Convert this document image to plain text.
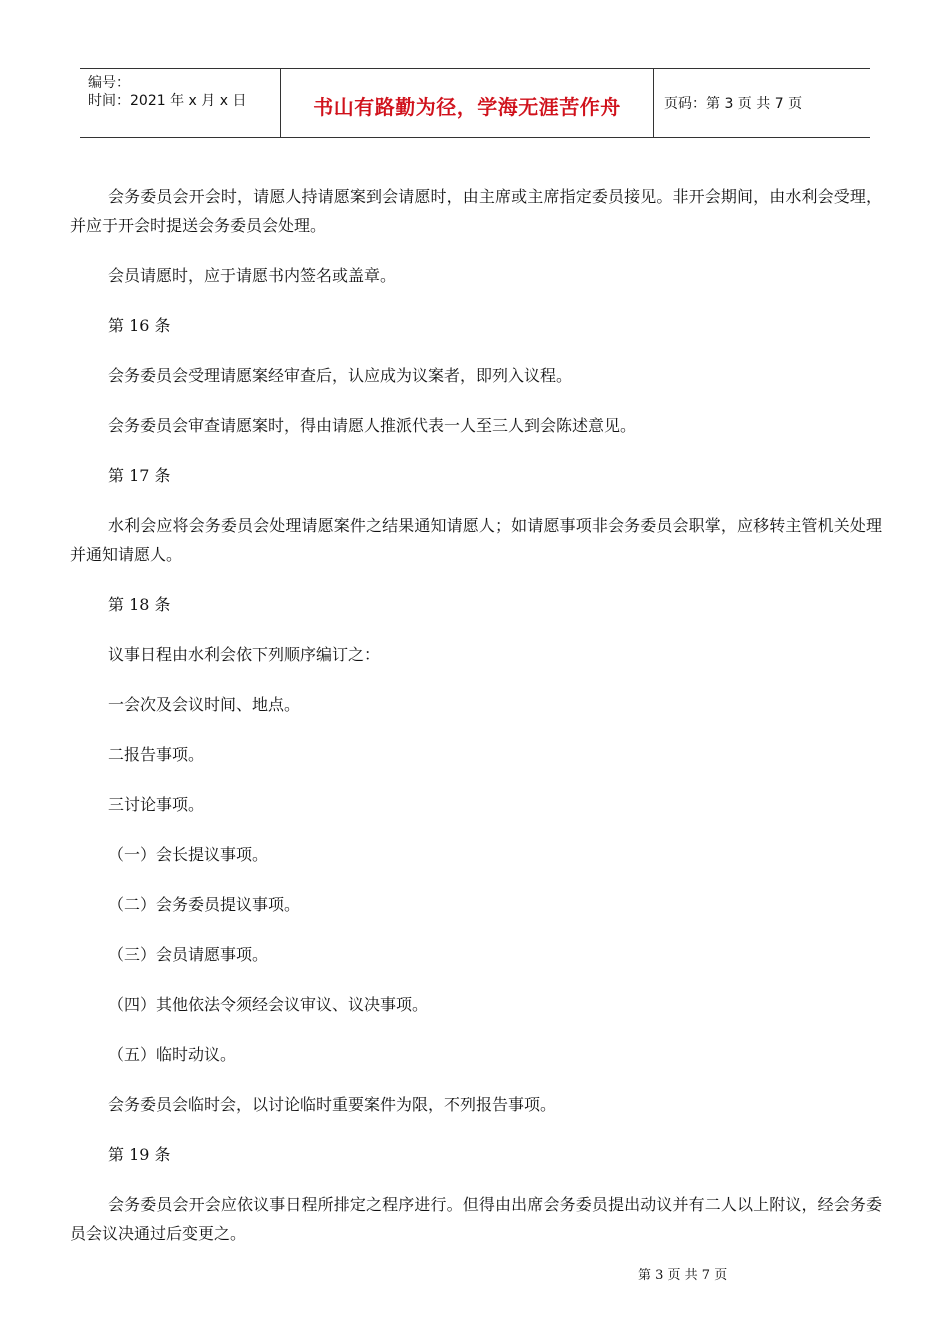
编号：
时间：2021 年 x 月 x 日	书山有路勤为径，学海无涯苦作舟	页码：第 3 页 共 7 页

会务委员会开会时，请愿人持请愿案到会请愿时，由主席或主席指定委员接见。非开会期间，由水利会受理，并应于开会时提送会务委员会处理。

会员请愿时，应于请愿书内签名或盖章。

第 16 条

会务委员会受理请愿案经审查后，认应成为议案者，即列入议程。

会务委员会审查请愿案时，得由请愿人推派代表一人至三人到会陈述意见。

第 17 条

水利会应将会务委员会处理请愿案件之结果通知请愿人；如请愿事项非会务委员会职掌，应移转主管机关处理并通知请愿人。

第 18 条

议事日程由水利会依下列顺序编订之：

一会次及会议时间、地点。

二报告事项。

三讨论事项。

（一）会长提议事项。

（二）会务委员提议事项。

（三）会员请愿事项。

（四）其他依法令须经会议审议、议决事项。

（五）临时动议。

会务委员会临时会，以讨论临时重要案件为限，不列报告事项。

第 19 条

会务委员会开会应依议事日程所排定之程序进行。但得由出席会务委员提出动议并有二人以上附议，经会务委员会议决通过后变更之。

第 3 页 共 7 页
